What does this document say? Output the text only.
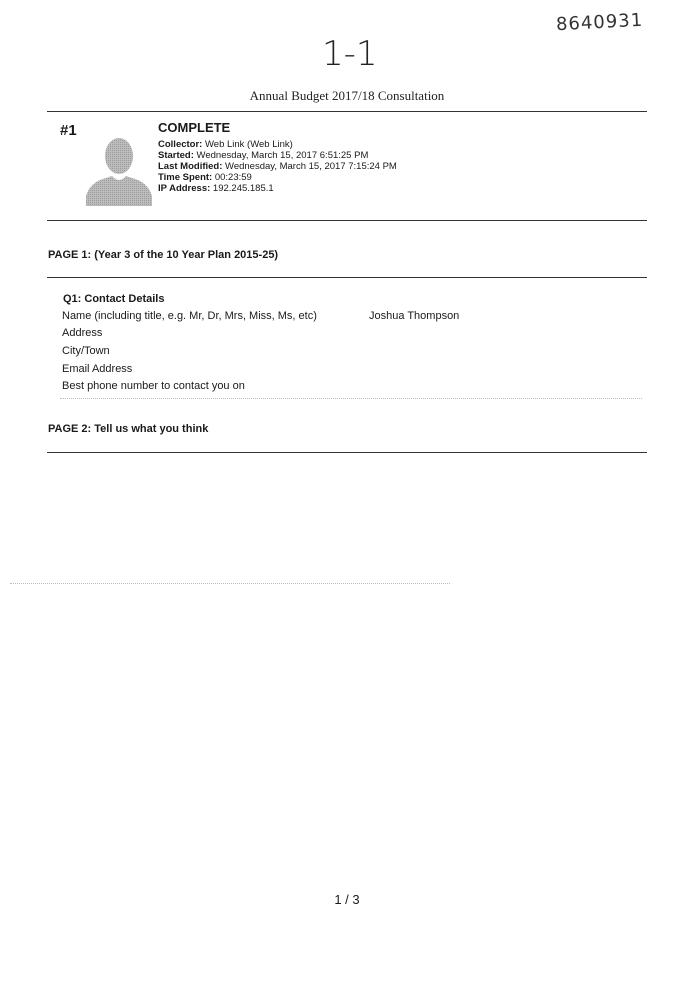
8640931
1-1
Annual Budget 2017/18 Consultation
#1	COMPLETE
Collector: Web Link (Web Link)
Started: Wednesday, March 15, 2017 6:51:25 PM
Last Modified: Wednesday, March 15, 2017 7:15:24 PM
Time Spent: 00:23:59
IP Address: 192.245.185.1
PAGE 1: (Year 3 of the 10 Year Plan 2015-25)
Q1: Contact Details
Name (including title, e.g. Mr, Dr, Mrs, Miss, Ms, etc)	Joshua Thompson
Address
City/Town
Email Address
Best phone number to contact you on
PAGE 2: Tell us what you think
1 / 3
